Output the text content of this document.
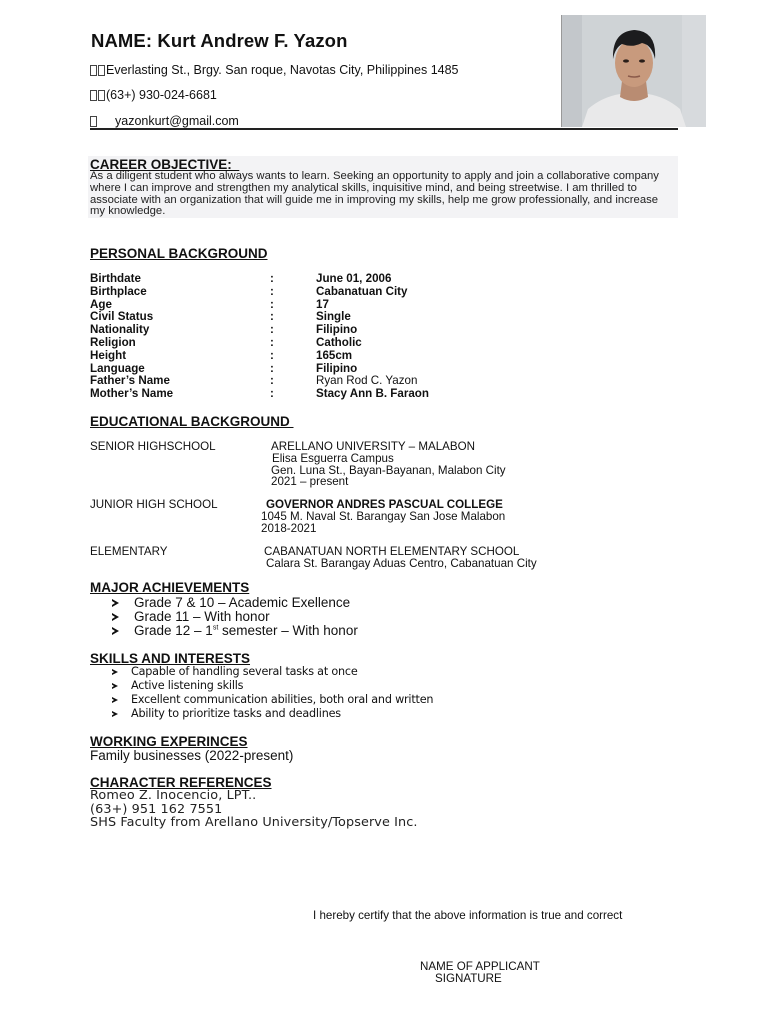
NAME: Kurt Andrew F. Yazon
Everlasting St., Brgy. San roque, Navotas City, Philippines 1485
(63+) 930-024-6681
yazonkurt@gmail.com
CAREER OBJECTIVE:
As a diligent student who always wants to learn. Seeking an opportunity to apply and join a collaborative company where I can improve and strengthen my analytical skills, inquisitive mind, and being streetwise. I am thrilled to associate with an organization that will guide me in improving my skills, help me grow professionally, and increase my knowledge.
PERSONAL BACKGROUND
Birthdate	:	June 01, 2006
Birthplace	:	Cabanatuan City
Age	:	17
Civil Status	:	Single
Nationality	:	Filipino
Religion	:	Catholic
Height	:	165cm
Language	:	Filipino
Father’s Name	:	Ryan Rod C. Yazon
Mother’s Name	:	Stacy Ann B. Faraon
EDUCATIONAL BACKGROUND
SENIOR HIGHSCHOOL	ARELLANO UNIVERSITY – MALABON
Elisa Esguerra Campus
Gen. Luna St., Bayan-Bayanan, Malabon City
2021 – present
JUNIOR HIGH SCHOOL	GOVERNOR ANDRES PASCUAL COLLEGE
1045 M. Naval St. Barangay San Jose Malabon
2018-2021
ELEMENTARY	CABANATUAN NORTH ELEMENTARY SCHOOL
Calara St. Barangay Aduas Centro, Cabanatuan City
MAJOR ACHIEVEMENTS
Grade 7 & 10 – Academic Exellence
Grade 11 – With honor
Grade 12 – 1st semester – With honor
SKILLS AND INTERESTS
Capable of handling several tasks at once
Active listening skills
Excellent communication abilities, both oral and written
Ability to prioritize tasks and deadlines
WORKING EXPERINCES
Family businesses (2022-present)
CHARACTER REFERENCES
Romeo Z. Inocencio, LPT..
(63+) 951 162 7551
SHS Faculty from Arellano University/Topserve Inc.
I hereby certify that the above information is true and correct
NAME OF APPLICANT
SIGNATURE
